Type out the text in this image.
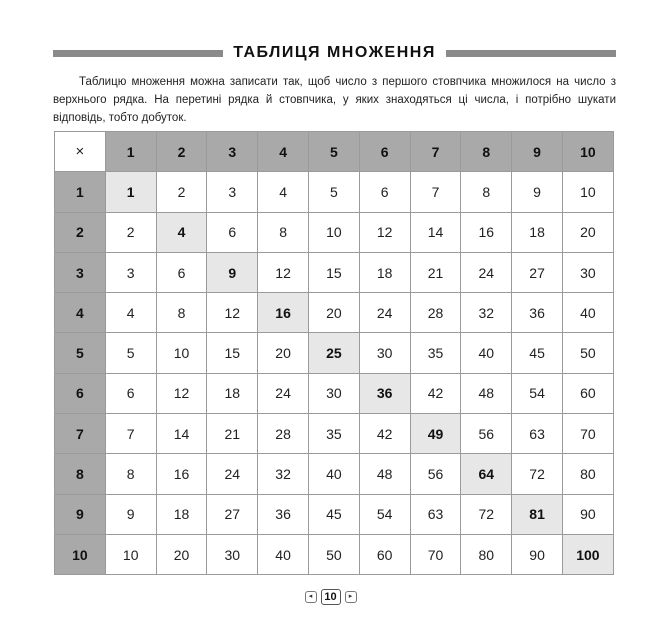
ТАБЛИЦЯ МНОЖЕННЯ
Таблицю множення можна записати так, щоб число з першого стовпчика множилося на число з верхнього рядка. На перетині рядка й стовпчика, у яких знаходяться ці числа, і потрібно шукати відповідь, тобто добуток.
×	1	2	3	4	5	6	7	8	9	10
1	1	2	3	4	5	6	7	8	9	10
2	2	4	6	8	10	12	14	16	18	20
3	3	6	9	12	15	18	21	24	27	30
4	4	8	12	16	20	24	28	32	36	40
5	5	10	15	20	25	30	35	40	45	50
6	6	12	18	24	30	36	42	48	54	60
7	7	14	21	28	35	42	49	56	63	70
8	8	16	24	32	40	48	56	64	72	80
9	9	18	27	36	45	54	63	72	81	90
10	10	20	30	40	50	60	70	80	90	100
◂	10	▸
